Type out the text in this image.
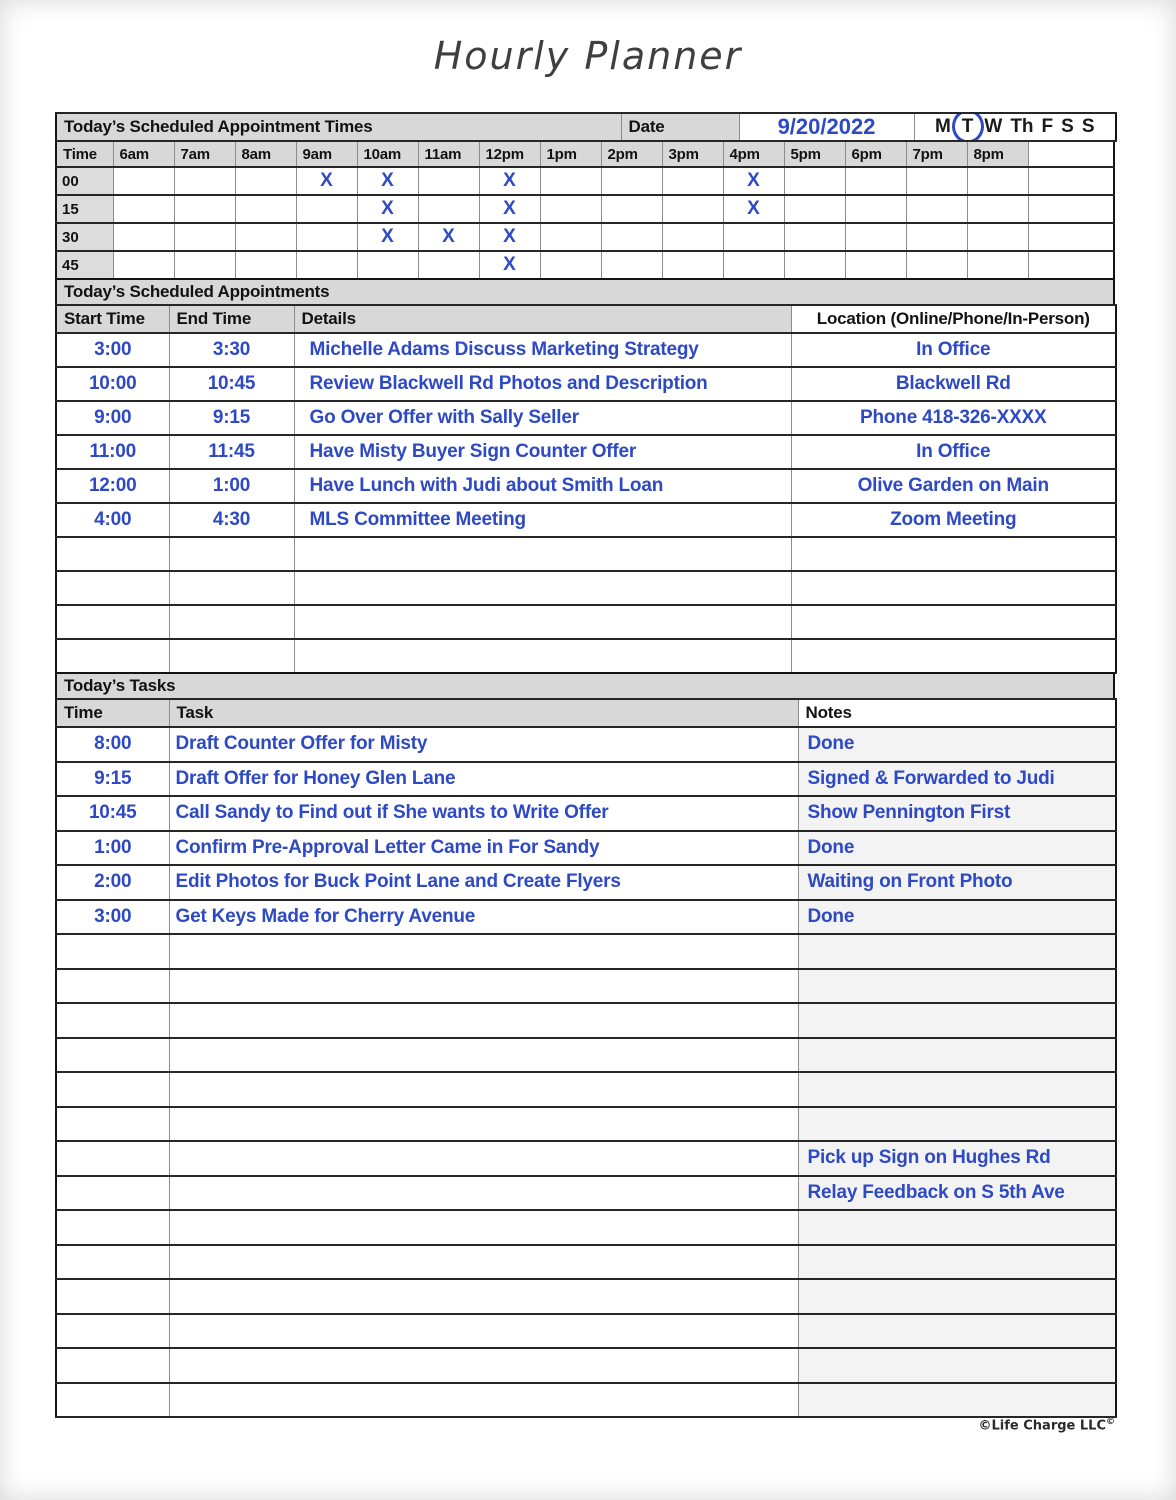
Hourly Planner
Today’s Scheduled Appointment Times	Date	9/20/2022	M T W Th F S S
Time	6am	7am	8am	9am	10am	11am	12pm	1pm	2pm	3pm	4pm	5pm	6pm	7pm	8pm	
00				X	X		X				X					
15					X		X				X					
30					X	X	X									
45							X									
Today’s Scheduled Appointments
Start Time	End Time	Details	Location (Online/Phone/In-Person)
3:00	3:30	Michelle Adams Discuss Marketing Strategy	In Office
10:00	10:45	Review Blackwell Rd Photos and Description	Blackwell Rd
9:00	9:15	Go Over Offer with Sally Seller	Phone 418-326-XXXX
11:00	11:45	Have Misty Buyer Sign Counter Offer	In Office
12:00	1:00	Have Lunch with Judi about Smith Loan	Olive Garden on Main
4:00	4:30	MLS Committee Meeting	Zoom Meeting

Today’s Tasks
Time	Task	Notes
8:00	Draft Counter Offer for Misty	Done
9:15	Draft Offer for Honey Glen Lane	Signed & Forwarded to Judi
10:45	Call Sandy to Find out if She wants to Write Offer	Show Pennington First
1:00	Confirm Pre-Approval Letter Came in For Sandy	Done
2:00	Edit Photos for Buck Point Lane and Create Flyers	Waiting on Front Photo
3:00	Get Keys Made for Cherry Avenue	Done

		Pick up Sign on Hughes Rd
		Relay Feedback on S 5th Ave

©Life Charge LLC©
